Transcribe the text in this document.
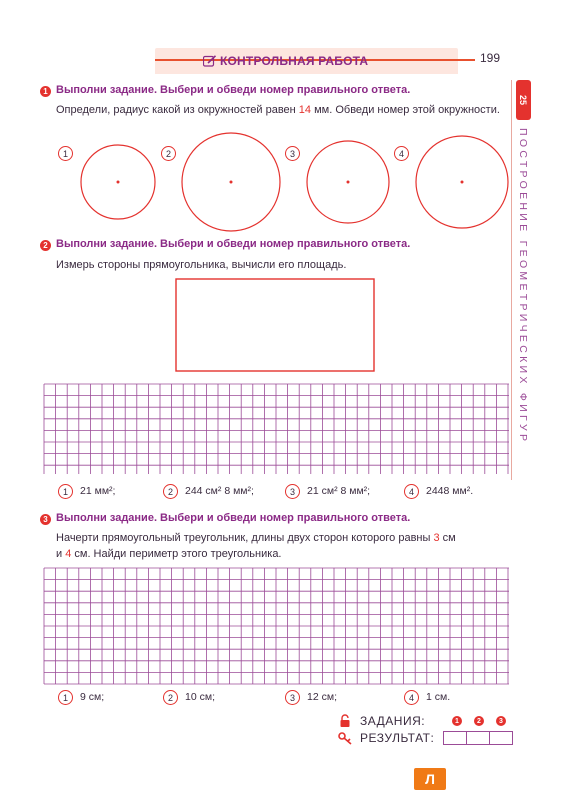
КОНТРОЛЬНАЯ РАБОТА	199
25
ПОСТРОЕНИЕ ГЕОМЕТРИЧЕСКИХ ФИГУР
1 Выполни задание. Выбери и обведи номер правильного ответа.
Определи, радиус какой из окружностей равен 14 мм. Обведи номер этой окружности.
1	2	3	4
2 Выполни задание. Выбери и обведи номер правильного ответа.
Измерь стороны прямоугольника, вычисли его площадь.
1	21 мм²;	2	244 см² 8 мм²;	3	21 см² 8 мм²;	4	2448 мм².
3 Выполни задание. Выбери и обведи номер правильного ответа.
Начерти прямоугольный треугольник, длины двух сторон которого равны 3 см
и 4 см. Найди периметр этого треугольника.
1	9 см;	2	10 см;	3	12 см;	4	1 см.
ЗАДАНИЯ:	1	2	3
РЕЗУЛЬТАТ:
Л
